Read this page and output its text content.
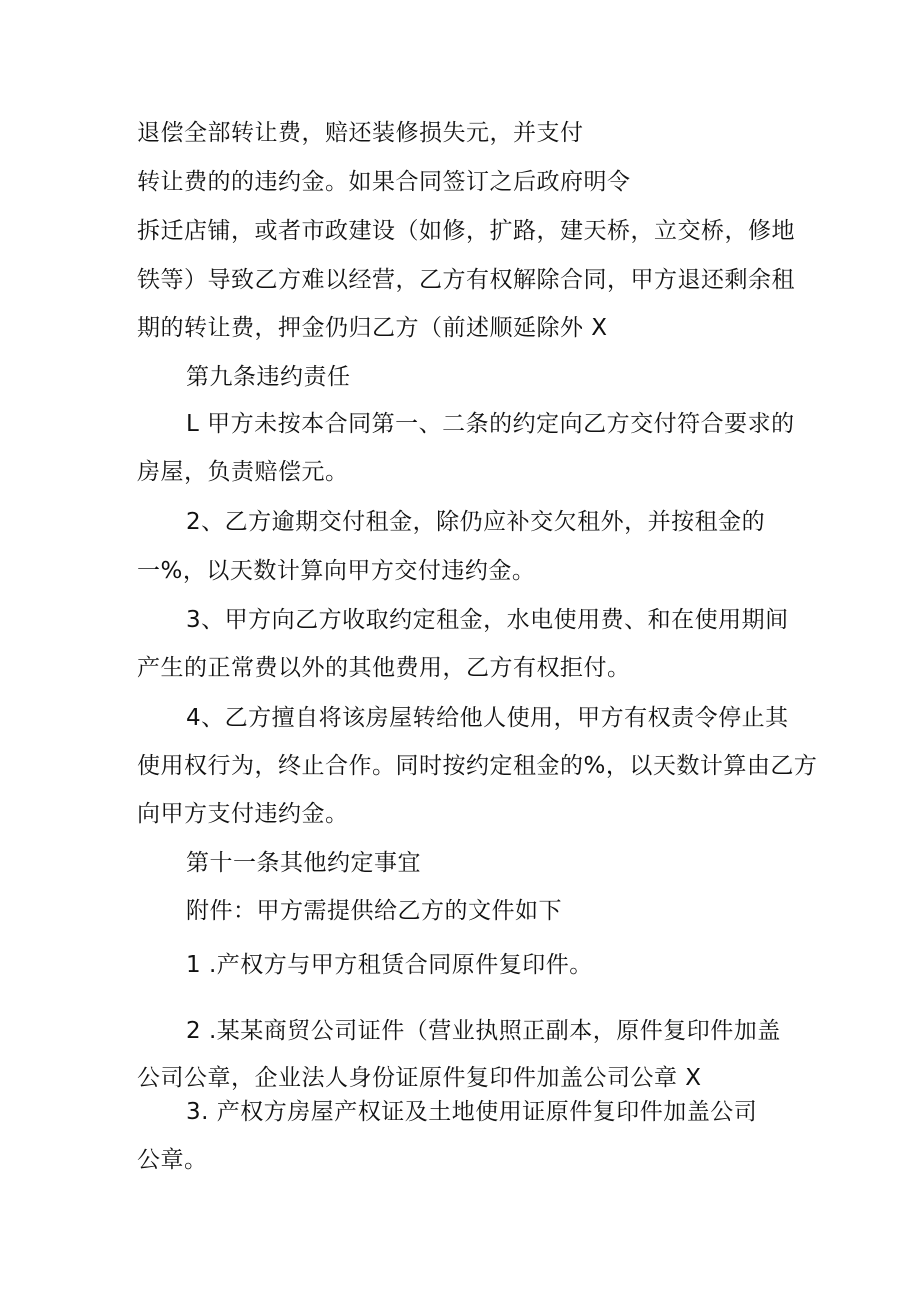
退偿全部转让费，赔还装修损失元，并支付

转让费的的违约金。如果合同签订之后政府明令

拆迁店铺，或者市政建设（如修，扩路，建天桥，立交桥，修地

铁等）导致乙方难以经营，乙方有权解除合同，甲方退还剩余租

期的转让费，押金仍归乙方（前述顺延除外 X

第九条违约责任

L 甲方未按本合同第一、二条的约定向乙方交付符合要求的

房屋，负责赔偿元。

2、乙方逾期交付租金，除仍应补交欠租外，并按租金的

一%，以天数计算向甲方交付违约金。

3、甲方向乙方收取约定租金，水电使用费、和在使用期间

产生的正常费以外的其他费用，乙方有权拒付。

4、乙方擅自将该房屋转给他人使用，甲方有权责令停止其

使用权行为，终止合作。同时按约定租金的%，以天数计算由乙方

向甲方支付违约金。

第十一条其他约定事宜

附件：甲方需提供给乙方的文件如下

1 .产权方与甲方租赁合同原件复印件。

2 .某某商贸公司证件（营业执照正副本，原件复印件加盖

公司公章，企业法人身份证原件复印件加盖公司公章 X

3. 产权方房屋产权证及土地使用证原件复印件加盖公司

公章。
